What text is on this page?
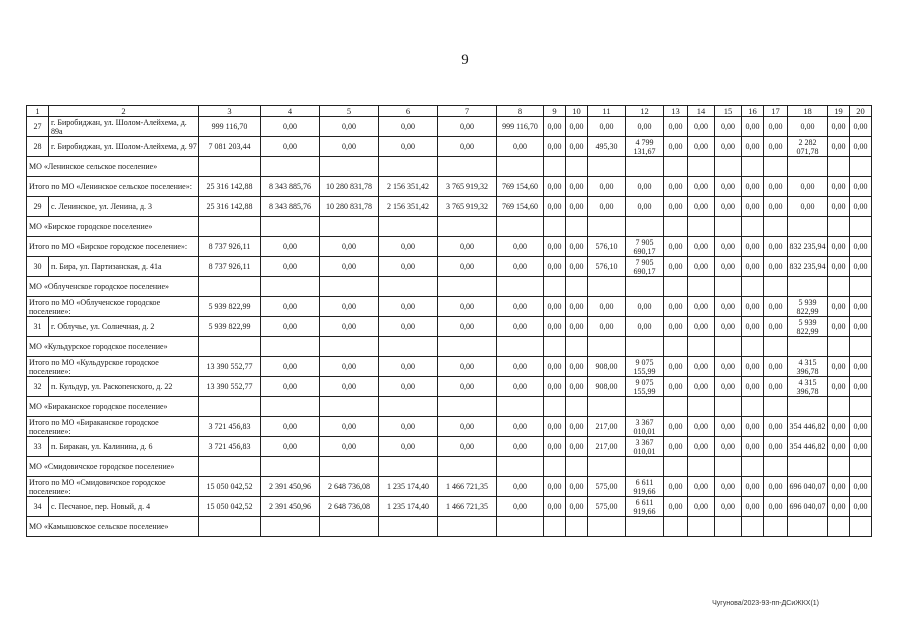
9
1	2	3	4	5	6	7	8	9	10	11	12	13	14	15	16	17	18	19	20
27	г. Биробиджан, ул. Шолом-Алейхема, д. 89а	999 116,70	0,00	0,00	0,00	0,00	999 116,70	0,00	0,00	0,00	0,00	0,00	0,00	0,00	0,00	0,00	0,00	0,00	0,00
28	г. Биробиджан, ул. Шолом-Алейхема, д. 97	7 081 203,44	0,00	0,00	0,00	0,00	0,00	0,00	0,00	495,30	4 799 131,67	0,00	0,00	0,00	0,00	0,00	2 282 071,78	0,00	0,00
МО «Ленинское сельское поселение»																			
Итого по МО «Ленинское сельское поселение»:		25 316 142,88	8 343 885,76	10 280 831,78	2 156 351,42	3 765 919,32	769 154,60	0,00	0,00	0,00	0,00	0,00	0,00	0,00	0,00	0,00	0,00	0,00	0,00
29	с. Ленинское, ул. Ленина, д. 3	25 316 142,88	8 343 885,76	10 280 831,78	2 156 351,42	3 765 919,32	769 154,60	0,00	0,00	0,00	0,00	0,00	0,00	0,00	0,00	0,00	0,00	0,00	0,00
МО «Бирское городское поселение»																			
Итого по МО «Бирское городское поселение»:		8 737 926,11	0,00	0,00	0,00	0,00	0,00	0,00	0,00	576,10	7 905 690,17	0,00	0,00	0,00	0,00	0,00	832 235,94	0,00	0,00
30	п. Бира, ул. Партизанская, д. 41а	8 737 926,11	0,00	0,00	0,00	0,00	0,00	0,00	0,00	576,10	7 905 690,17	0,00	0,00	0,00	0,00	0,00	832 235,94	0,00	0,00
МО «Облученское городское поселение»																			
Итого по МО «Облученское городское поселение»:		5 939 822,99	0,00	0,00	0,00	0,00	0,00	0,00	0,00	0,00	0,00	0,00	0,00	0,00	0,00	0,00	5 939 822,99	0,00	0,00
31	г. Облучье, ул. Солнечная, д. 2	5 939 822,99	0,00	0,00	0,00	0,00	0,00	0,00	0,00	0,00	0,00	0,00	0,00	0,00	0,00	0,00	5 939 822,99	0,00	0,00
МО «Кульдурское городское поселение»																			
Итого по МО «Кульдурское городское поселение»:		13 390 552,77	0,00	0,00	0,00	0,00	0,00	0,00	0,00	908,00	9 075 155,99	0,00	0,00	0,00	0,00	0,00	4 315 396,78	0,00	0,00
32	п. Кульдур, ул. Раскопенского, д. 22	13 390 552,77	0,00	0,00	0,00	0,00	0,00	0,00	0,00	908,00	9 075 155,99	0,00	0,00	0,00	0,00	0,00	4 315 396,78	0,00	0,00
МО «Бираканское городское поселение»																			
Итого по МО «Бираканское городское поселение»:		3 721 456,83	0,00	0,00	0,00	0,00	0,00	0,00	0,00	217,00	3 367 010,01	0,00	0,00	0,00	0,00	0,00	354 446,82	0,00	0,00
33	п. Биракан, ул. Калинина, д. 6	3 721 456,83	0,00	0,00	0,00	0,00	0,00	0,00	0,00	217,00	3 367 010,01	0,00	0,00	0,00	0,00	0,00	354 446,82	0,00	0,00
МО «Смидовичское городское поселение»																			
Итого по МО «Смидовичское городское поселение»:		15 050 042,52	2 391 450,96	2 648 736,08	1 235 174,40	1 466 721,35	0,00	0,00	0,00	575,00	6 611 919,66	0,00	0,00	0,00	0,00	0,00	696 040,07	0,00	0,00
34	с. Песчаное, пер. Новый, д. 4	15 050 042,52	2 391 450,96	2 648 736,08	1 235 174,40	1 466 721,35	0,00	0,00	0,00	575,00	6 611 919,66	0,00	0,00	0,00	0,00	0,00	696 040,07	0,00	0,00
МО «Камышовское сельское поселение»																			
Чугунова/2023-93-пп-ДСиЖКХ(1)
